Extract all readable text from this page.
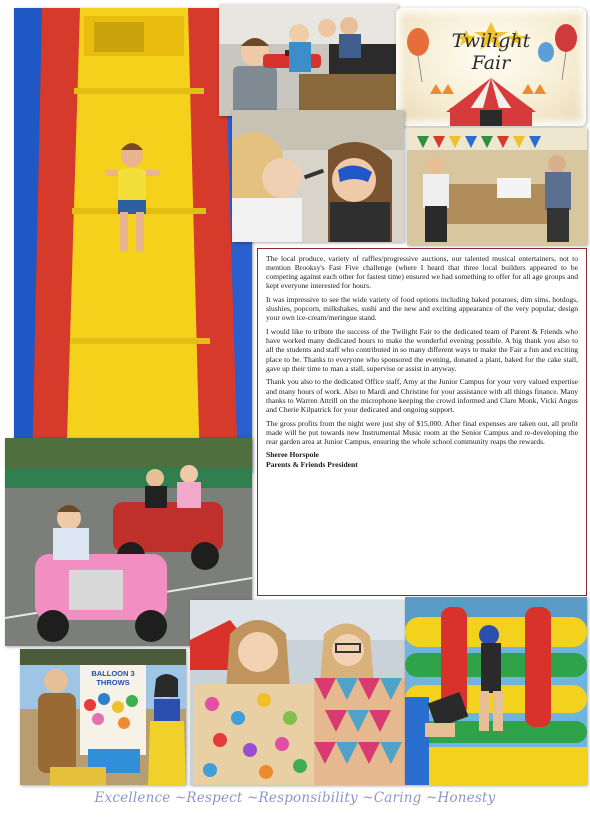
Twilight
Fair

The local produce, variety of raffles/progressive auctions, our talented musical entertainers, not to mention Brooksy's Fast Five challenge (where I heard that three local builders appeared to be competing against each other for fastest time) ensured we had something to offer for all age groups and kept everyone interested for hours.

It was impressive to see the wide variety of food options including baked potatoes, dim sims, hotdogs, slushies, popcorn, milkshakes, sushi and the new and exciting appearance of the very popular, design your own ice-cream/meringue stand.

I would like to tribute the success of the Twilight Fair to the dedicated team of Parent & Friends who have worked many dedicated hours to make the wonderful evening possible. A big thank you also to all the students and staff who contributed in so many different ways to make the Fair a fun and exciting place to be. Thanks to everyone who sponsored the evening, donated a plant, baked for the cake stall, gave up their time to man a stall, supervise or assist in anyway.

Thank you also to the dedicated Office staff, Amy at the Junior Campus for your very valued expertise and many hours of work. Also to Mardi and Christine for your assistance with all things finance. Many thanks to Warren Attrill on the microphone keeping the crowd informed and Clare Monk, Vicki Angus and Cherie Kilpatrick for your dedicated and ongoing support.

The gross profits from the night were just shy of $15,000. After final expenses are taken out, all profit made will be put towards new Instrumental Music room at the Senior Campus and re-developing the rear garden area at Junior Campus, ensuring the whole school community reaps the rewards.

Sheree Horspole

Parents & Friends President

BALLOON 3 THROWS
Excellence ~Respect ~Responsibility ~Caring ~Honesty
